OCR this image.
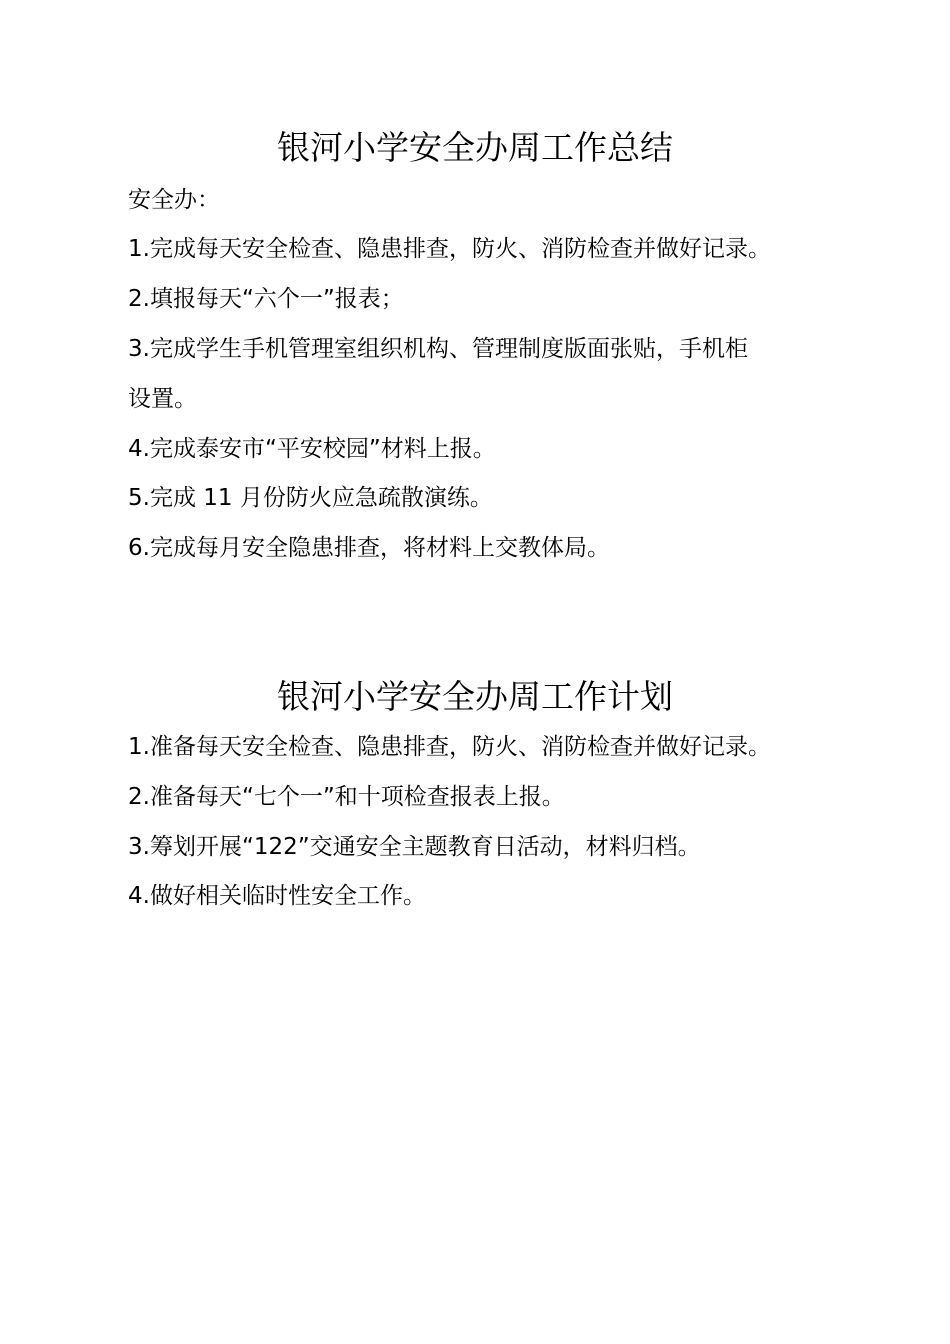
银河小学安全办周工作总结

安全办：

1.完成每天安全检查、隐患排查，防火、消防检查并做好记录。

2.填报每天“六个一”报表；

3.完成学生手机管理室组织机构、管理制度版面张贴，手机柜

设置。

4.完成泰安市“平安校园”材料上报。

5.完成 11 月份防火应急疏散演练。

6.完成每月安全隐患排查，将材料上交教体局。

银河小学安全办周工作计划

1.准备每天安全检查、隐患排查，防火、消防检查并做好记录。

2.准备每天“七个一”和十项检查报表上报。

3.筹划开展“122”交通安全主题教育日活动，材料归档。

4.做好相关临时性安全工作。
